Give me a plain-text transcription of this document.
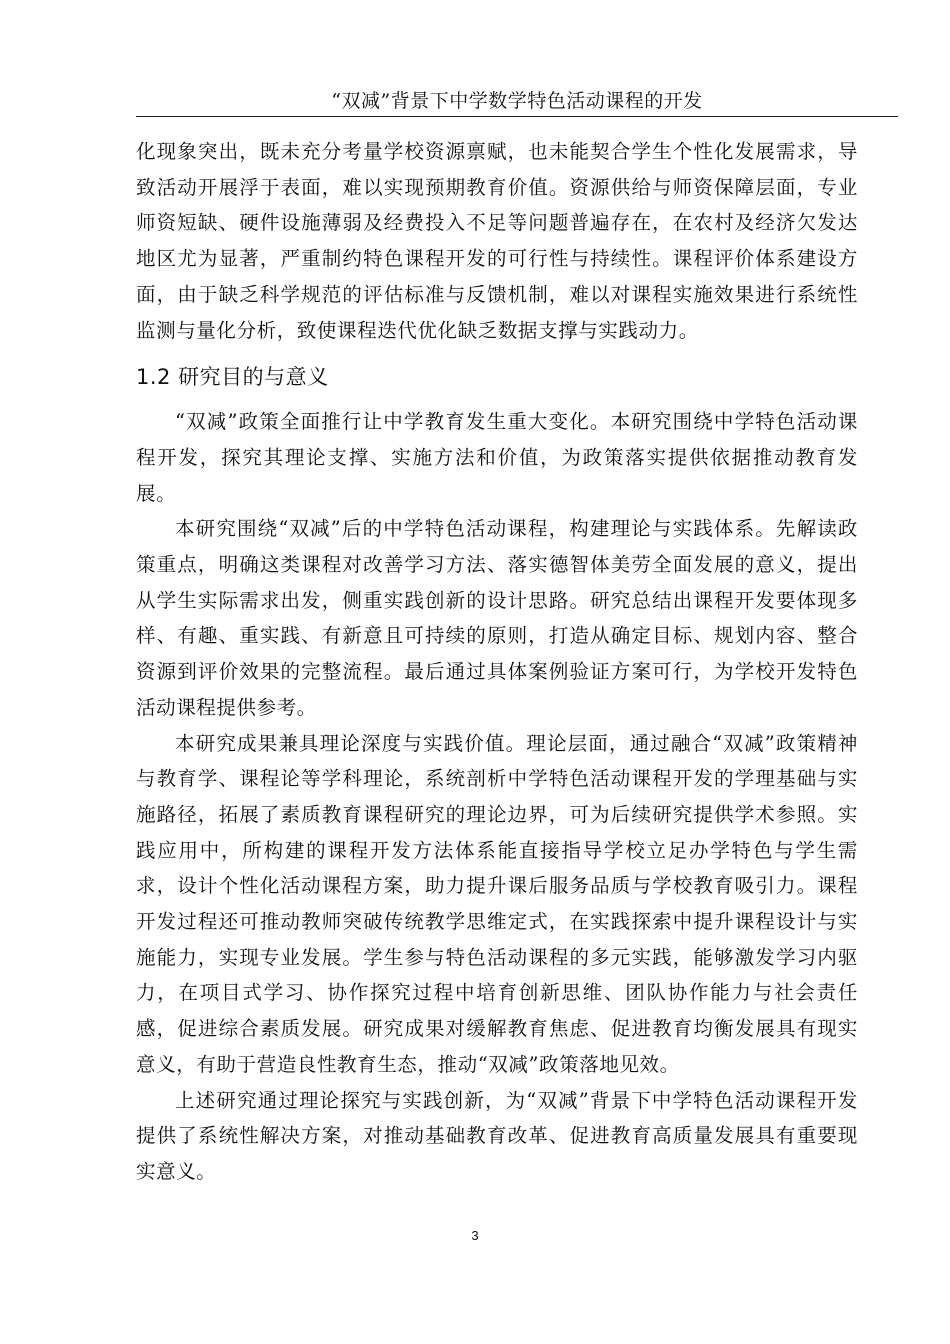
“双减”背景下中学数学特色活动课程的开发

化现象突出，既未充分考量学校资源禀赋，也未能契合学生个性化发展需求，导致活动开展浮于表面，难以实现预期教育价值。资源供给与师资保障层面，专业师资短缺、硬件设施薄弱及经费投入不足等问题普遍存在，在农村及经济欠发达地区尤为显著，严重制约特色课程开发的可行性与持续性。课程评价体系建设方面，由于缺乏科学规范的评估标准与反馈机制，难以对课程实施效果进行系统性监测与量化分析，致使课程迭代优化缺乏数据支撑与实践动力。

1.2 研究目的与意义

“双减”政策全面推行让中学教育发生重大变化。本研究围绕中学特色活动课程开发，探究其理论支撑、实施方法和价值，为政策落实提供依据推动教育发展。

本研究围绕“双减”后的中学特色活动课程，构建理论与实践体系。先解读政策重点，明确这类课程对改善学习方法、落实德智体美劳全面发展的意义，提出从学生实际需求出发，侧重实践创新的设计思路。研究总结出课程开发要体现多样、有趣、重实践、有新意且可持续的原则，打造从确定目标、规划内容、整合资源到评价效果的完整流程。最后通过具体案例验证方案可行，为学校开发特色活动课程提供参考。

本研究成果兼具理论深度与实践价值。理论层面，通过融合“双减”政策精神与教育学、课程论等学科理论，系统剖析中学特色活动课程开发的学理基础与实施路径，拓展了素质教育课程研究的理论边界，可为后续研究提供学术参照。实践应用中，所构建的课程开发方法体系能直接指导学校立足办学特色与学生需求，设计个性化活动课程方案，助力提升课后服务品质与学校教育吸引力。课程开发过程还可推动教师突破传统教学思维定式，在实践探索中提升课程设计与实施能力，实现专业发展。学生参与特色活动课程的多元实践，能够激发学习内驱力，在项目式学习、协作探究过程中培育创新思维、团队协作能力与社会责任感，促进综合素质发展。研究成果对缓解教育焦虑、促进教育均衡发展具有现实意义，有助于营造良性教育生态，推动“双减”政策落地见效。

上述研究通过理论探究与实践创新，为“双减”背景下中学特色活动课程开发提供了系统性解决方案，对推动基础教育改革、促进教育高质量发展具有重要现实意义。

3
